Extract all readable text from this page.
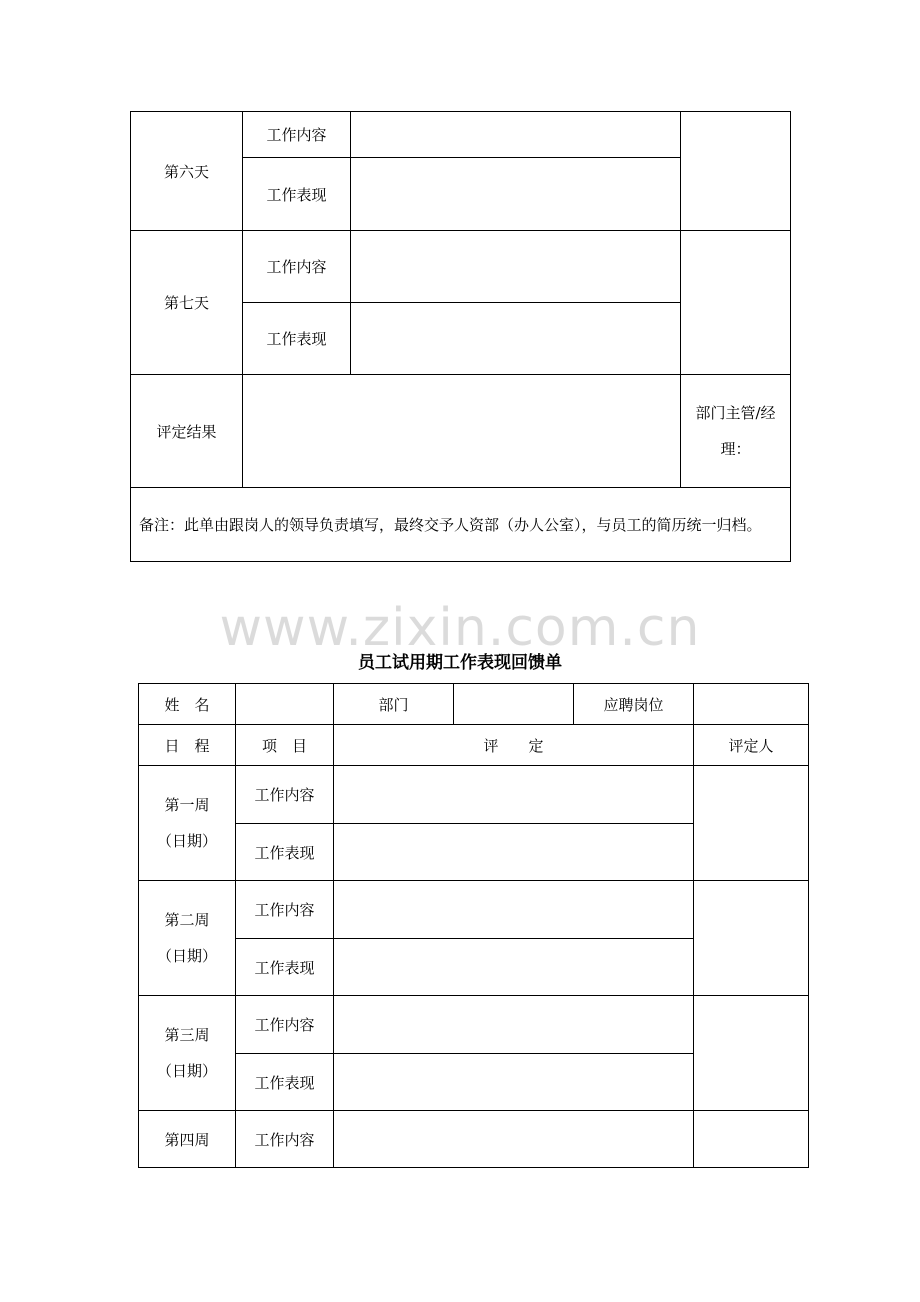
第六天	工作内容		
	工作表现		
第七天	工作内容		
	工作表现		
评定结果			部门主管/经
理：

备注：此单由跟岗人的领导负责填写，最终交予人资部（办人公室），与员工的简历统一归档。			
www.zixin.com.cn
员工试用期工作表现回馈单
姓　名		部门		应聘岗位	
日　程	项　目	评　　定			评定人

第一周
（日期）	工作内容				
	工作表现				

第二周
（日期）	工作内容				
	工作表现				

第三周
（日期）	工作内容				
	工作表现				
第四周	工作内容				
